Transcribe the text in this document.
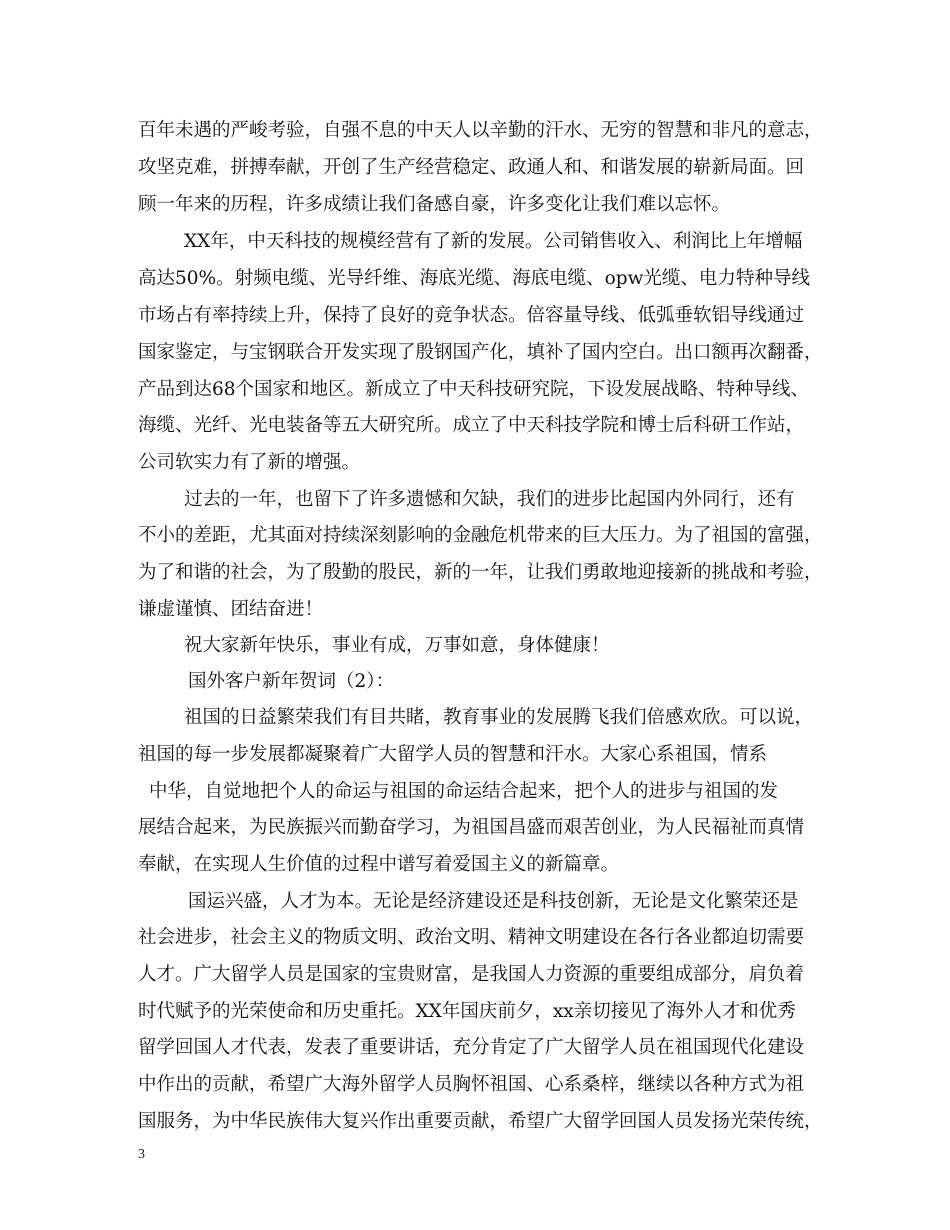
百年未遇的严峻考验，自强不息的中天人以辛勤的汗水、无穷的智慧和非凡的意志，
攻坚克难，拼搏奉献，开创了生产经营稳定、政通人和、和谐发展的崭新局面。回
顾一年来的历程，许多成绩让我们备感自豪，许多变化让我们难以忘怀。
XX年，中天科技的规模经营有了新的发展。公司销售收入、利润比上年增幅
高达50%。射频电缆、光导纤维、海底光缆、海底电缆、opw光缆、电力特种导线
市场占有率持续上升，保持了良好的竞争状态。倍容量导线、低弧垂软铝导线通过
国家鉴定，与宝钢联合开发实现了殷钢国产化，填补了国内空白。出口额再次翻番，
产品到达68个国家和地区。新成立了中天科技研究院，下设发展战略、特种导线、
海缆、光纤、光电装备等五大研究所。成立了中天科技学院和博士后科研工作站，
公司软实力有了新的增强。
过去的一年，也留下了许多遗憾和欠缺，我们的进步比起国内外同行，还有
不小的差距，尤其面对持续深刻影响的金融危机带来的巨大压力。为了祖国的富强，
为了和谐的社会，为了殷勤的股民，新的一年，让我们勇敢地迎接新的挑战和考验，
谦虚谨慎、团结奋进！
祝大家新年快乐，事业有成，万事如意，身体健康！
国外客户新年贺词（2）：
祖国的日益繁荣我们有目共睹，教育事业的发展腾飞我们倍感欢欣。可以说，
祖国的每一步发展都凝聚着广大留学人员的智慧和汗水。大家心系祖国，情系
中华，自觉地把个人的命运与祖国的命运结合起来，把个人的进步与祖国的发
展结合起来，为民族振兴而勤奋学习，为祖国昌盛而艰苦创业，为人民福祉而真情
奉献，在实现人生价值的过程中谱写着爱国主义的新篇章。
国运兴盛，人才为本。无论是经济建设还是科技创新，无论是文化繁荣还是
社会进步，社会主义的物质文明、政治文明、精神文明建设在各行各业都迫切需要
人才。广大留学人员是国家的宝贵财富，是我国人力资源的重要组成部分，肩负着
时代赋予的光荣使命和历史重托。XX年国庆前夕，xx亲切接见了海外人才和优秀
留学回国人才代表，发表了重要讲话，充分肯定了广大留学人员在祖国现代化建设
中作出的贡献，希望广大海外留学人员胸怀祖国、心系桑梓，继续以各种方式为祖
国服务，为中华民族伟大复兴作出重要贡献，希望广大留学回国人员发扬光荣传统，
3
